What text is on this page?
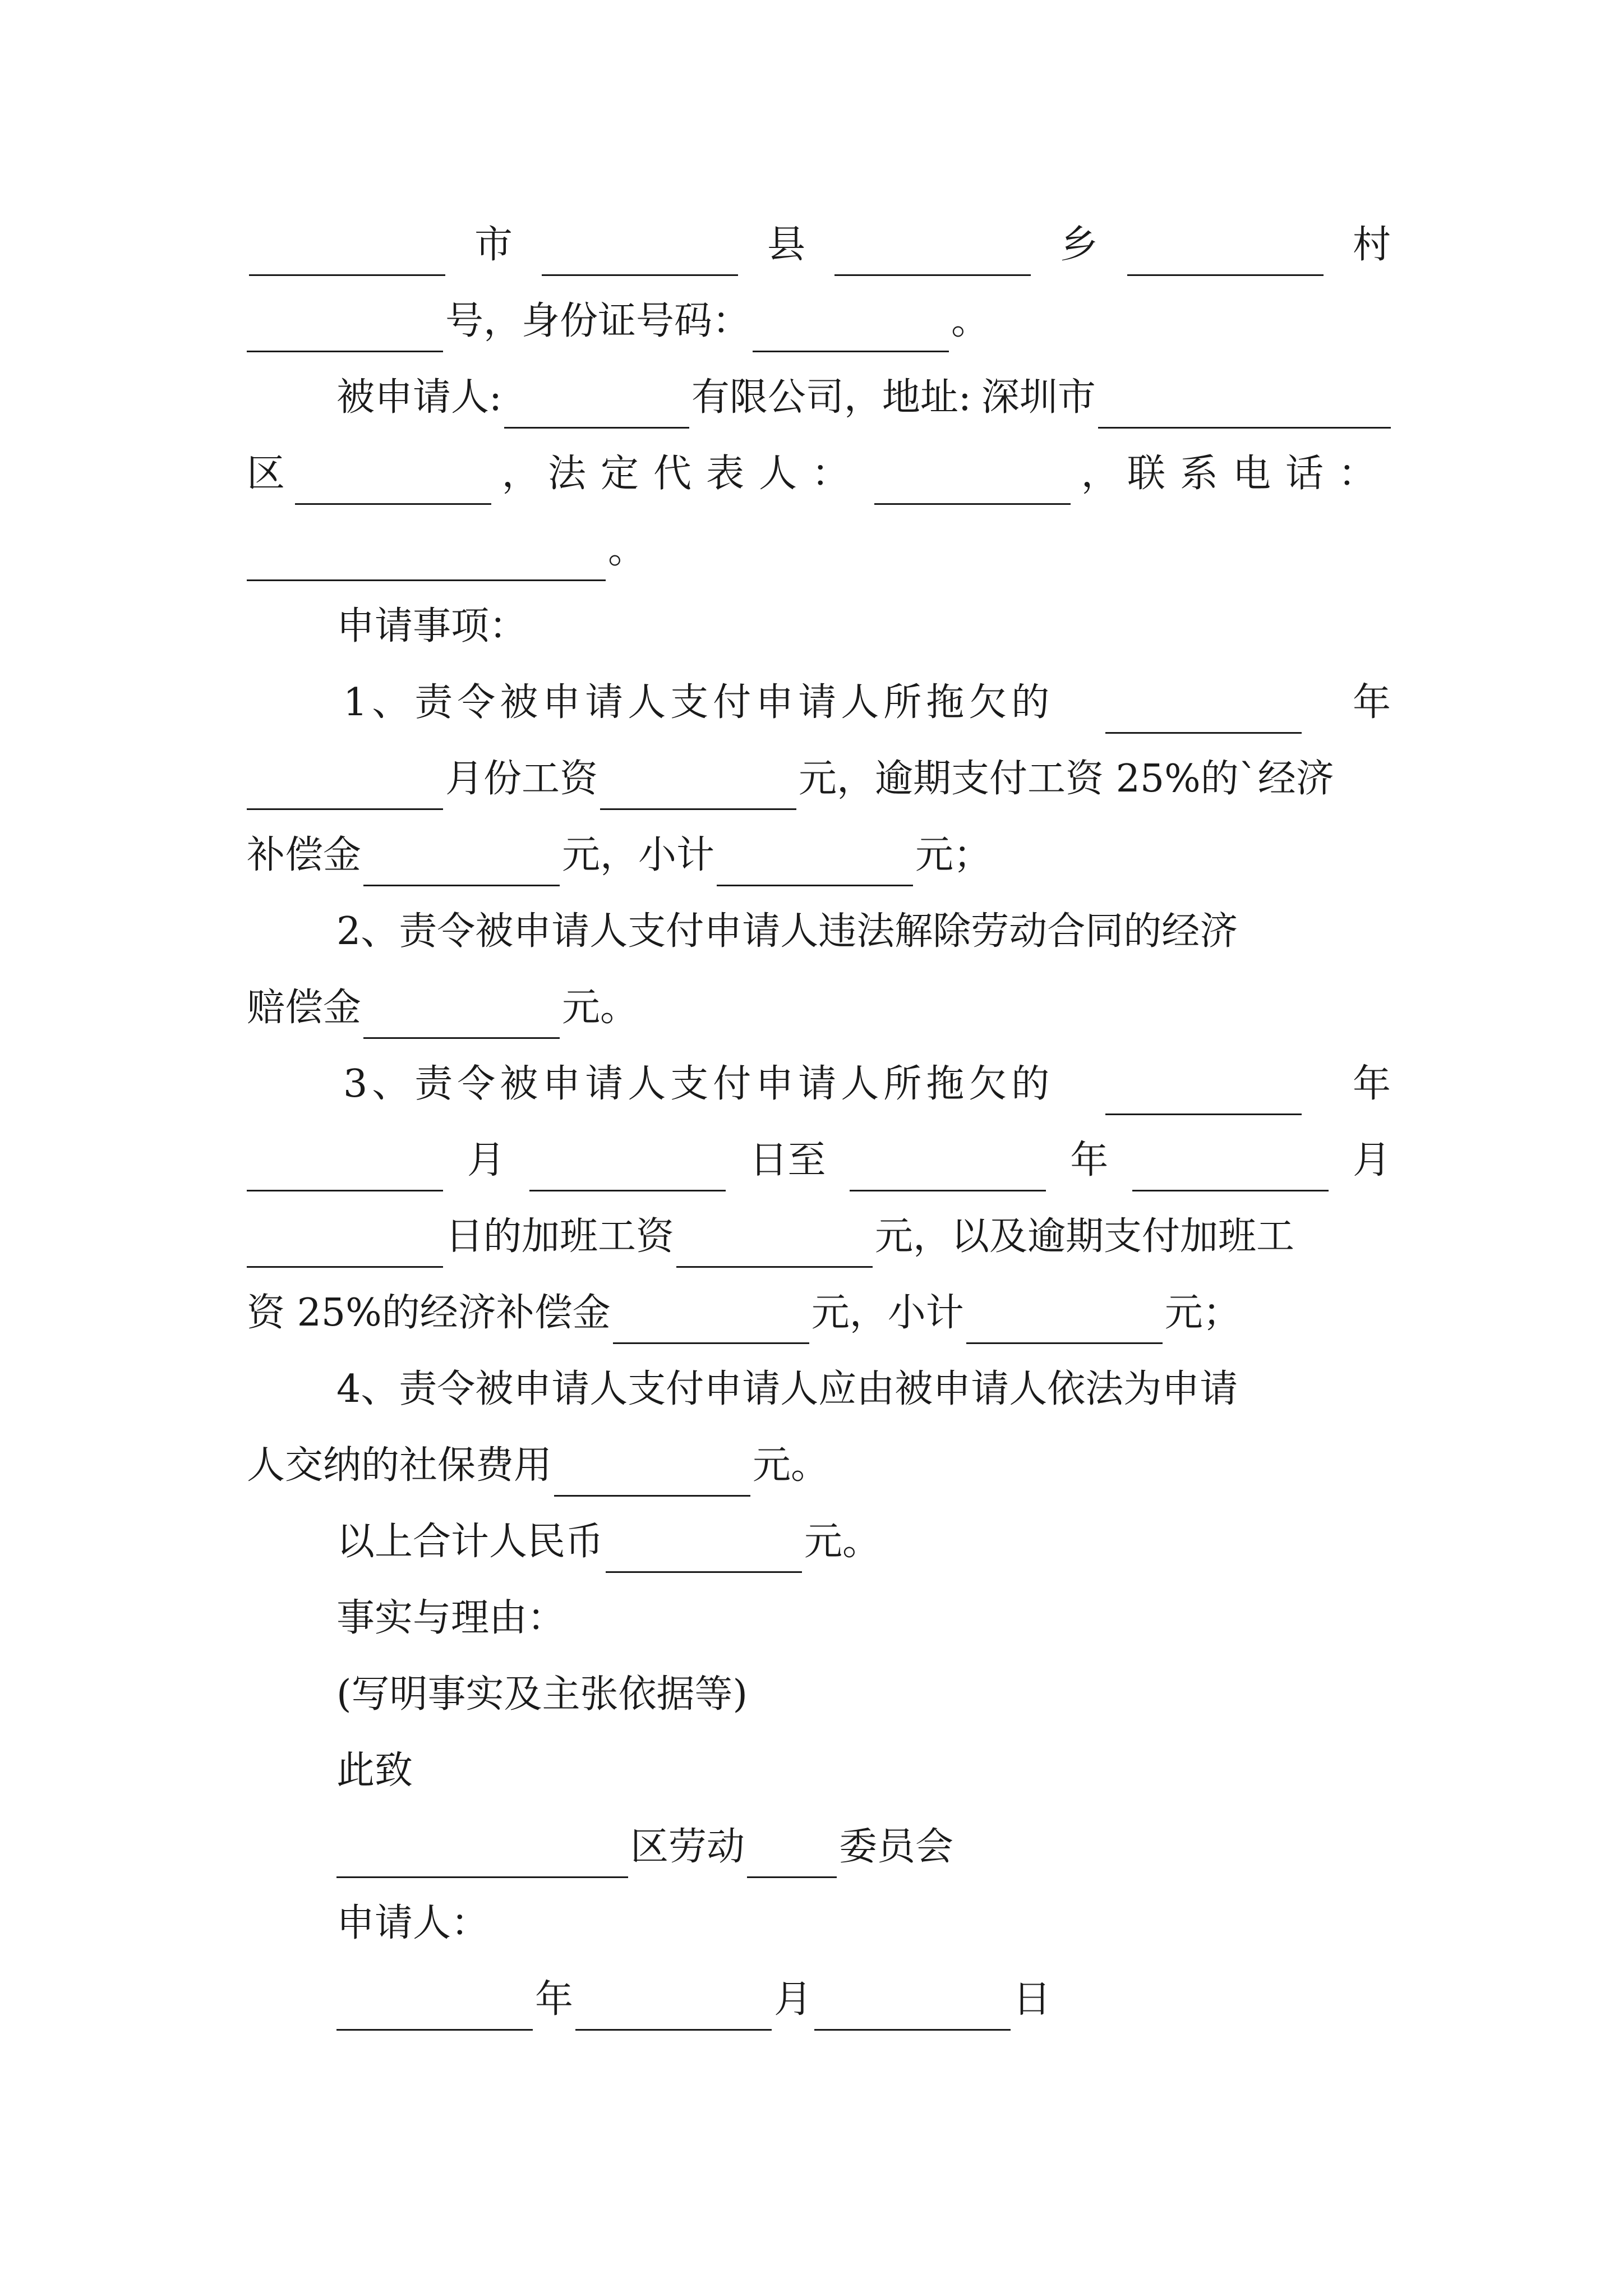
市	县	乡	村
号，身份证号码：	。
被申请人:	有限公司，地址: 深圳市
区	， 法定代表人：	， 联系电话：
。
申请事项：
1、责令被申请人支付申请人所拖欠的	年
月份工资	元，逾期支付工资 25%的`经济
补偿金	元，小计	元；
2、责令被申请人支付申请人违法解除劳动合同的经济
赔偿金	元。
3、责令被申请人支付申请人所拖欠的	年
月	日至	年	月
日的加班工资	元，以及逾期支付加班工
资 25%的经济补偿金	元，小计	元；
4、责令被申请人支付申请人应由被申请人依法为申请
人交纳的社保费用	元。
以上合计人民币	元。
事实与理由：
(写明事实及主张依据等)
此致
区劳动 委员会
申请人：
年	月	日
